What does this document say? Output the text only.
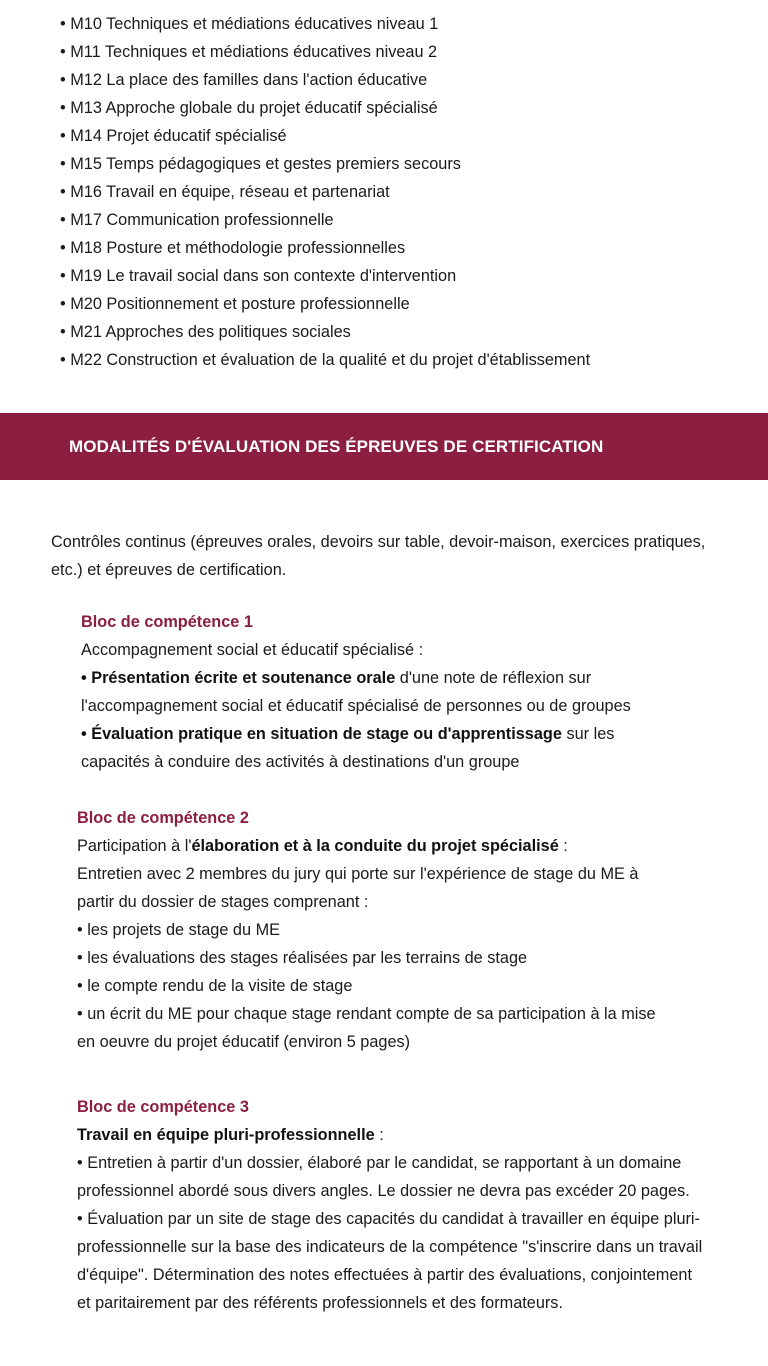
• M10 Techniques et médiations éducatives niveau 1
• M11 Techniques et médiations éducatives niveau 2
• M12 La place des familles dans l'action éducative
• M13 Approche globale du projet éducatif spécialisé
• M14 Projet éducatif spécialisé
• M15 Temps pédagogiques et gestes premiers secours
• M16 Travail en équipe, réseau et partenariat
• M17 Communication professionnelle
• M18 Posture et méthodologie professionnelles
• M19 Le travail social dans son contexte d'intervention
• M20 Positionnement et posture professionnelle
• M21 Approches des politiques sociales
• M22 Construction et évaluation de la qualité et du projet d'établissement
MODALITÉS D'ÉVALUATION DES ÉPREUVES DE CERTIFICATION

Contrôles continus (épreuves orales, devoirs sur table, devoir-maison, exercices pratiques, etc.) et épreuves de certification.

Bloc de compétence 1

Accompagnement social et éducatif spécialisé :

• Présentation écrite et soutenance orale d'une note de réflexion sur

l'accompagnement social et éducatif spécialisé de personnes ou de groupes

• Évaluation pratique en situation de stage ou d'apprentissage sur les

capacités à conduire des activités à destinations d'un groupe

Bloc de compétence 2

Participation à l'élaboration et à la conduite du projet spécialisé :

Entretien avec 2 membres du jury qui porte sur l'expérience de stage du ME à

partir du dossier de stages comprenant :

• les projets de stage du ME

• les évaluations des stages réalisées par les terrains de stage

• le compte rendu de la visite de stage

• un écrit du ME pour chaque stage rendant compte de sa participation à la mise

en oeuvre du projet éducatif (environ 5 pages)

Bloc de compétence 3

Travail en équipe pluri-professionnelle :

• Entretien à partir d'un dossier, élaboré par le candidat, se rapportant à un domaine

professionnel abordé sous divers angles. Le dossier ne devra pas excéder 20 pages.

• Évaluation par un site de stage des capacités du candidat à travailler en équipe pluri-

professionnelle sur la base des indicateurs de la compétence "s'inscrire dans un travail

d'équipe". Détermination des notes effectuées à partir des évaluations, conjointement

et paritairement par des référents professionnels et des formateurs.
